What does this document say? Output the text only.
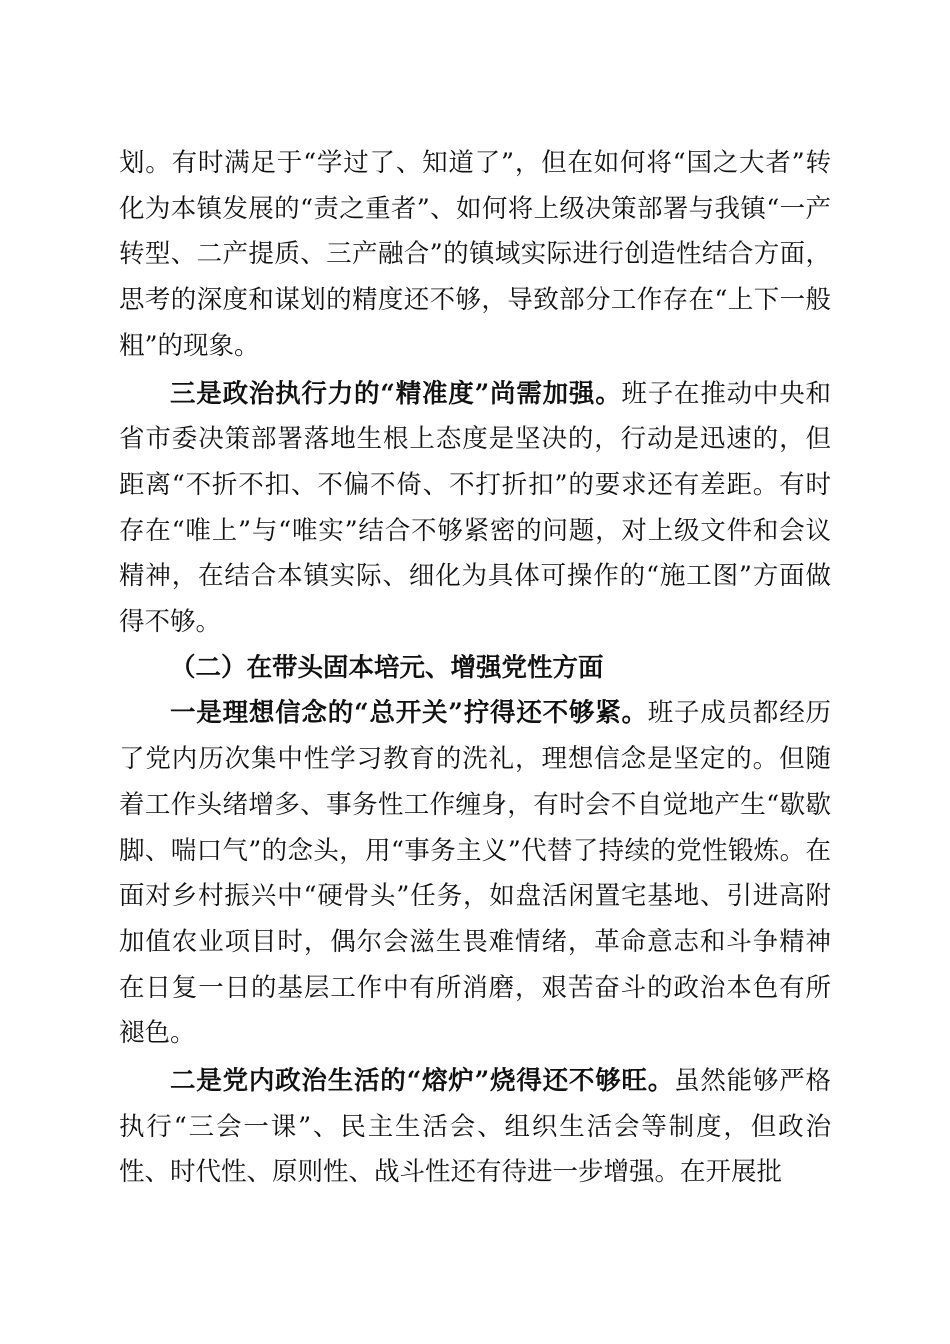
划。有时满足于“学过了、知道了”，但在如何将“国之大者”转化为本镇发展的“责之重者”、如何将上级决策部署与我镇“一产转型、二产提质、三产融合”的镇域实际进行创造性结合方面，思考的深度和谋划的精度还不够，导致部分工作存在“上下一般粗”的现象。

三是政治执行力的“精准度”尚需加强。班子在推动中央和省市委决策部署落地生根上态度是坚决的，行动是迅速的，但距离“不折不扣、不偏不倚、不打折扣”的要求还有差距。有时存在“唯上”与“唯实”结合不够紧密的问题，对上级文件和会议精神，在结合本镇实际、细化为具体可操作的“施工图”方面做得不够。

（二）在带头固本培元、增强党性方面

一是理想信念的“总开关”拧得还不够紧。班子成员都经历了党内历次集中性学习教育的洗礼，理想信念是坚定的。但随着工作头绪增多、事务性工作缠身，有时会不自觉地产生“歇歇脚、喘口气”的念头，用“事务主义”代替了持续的党性锻炼。在面对乡村振兴中“硬骨头”任务，如盘活闲置宅基地、引进高附加值农业项目时，偶尔会滋生畏难情绪，革命意志和斗争精神在日复一日的基层工作中有所消磨，艰苦奋斗的政治本色有所褪色。

二是党内政治生活的“熔炉”烧得还不够旺。虽然能够严格执行“三会一课”、民主生活会、组织生活会等制度，但政治性、时代性、原则性、战斗性还有待进一步增强。在开展批
